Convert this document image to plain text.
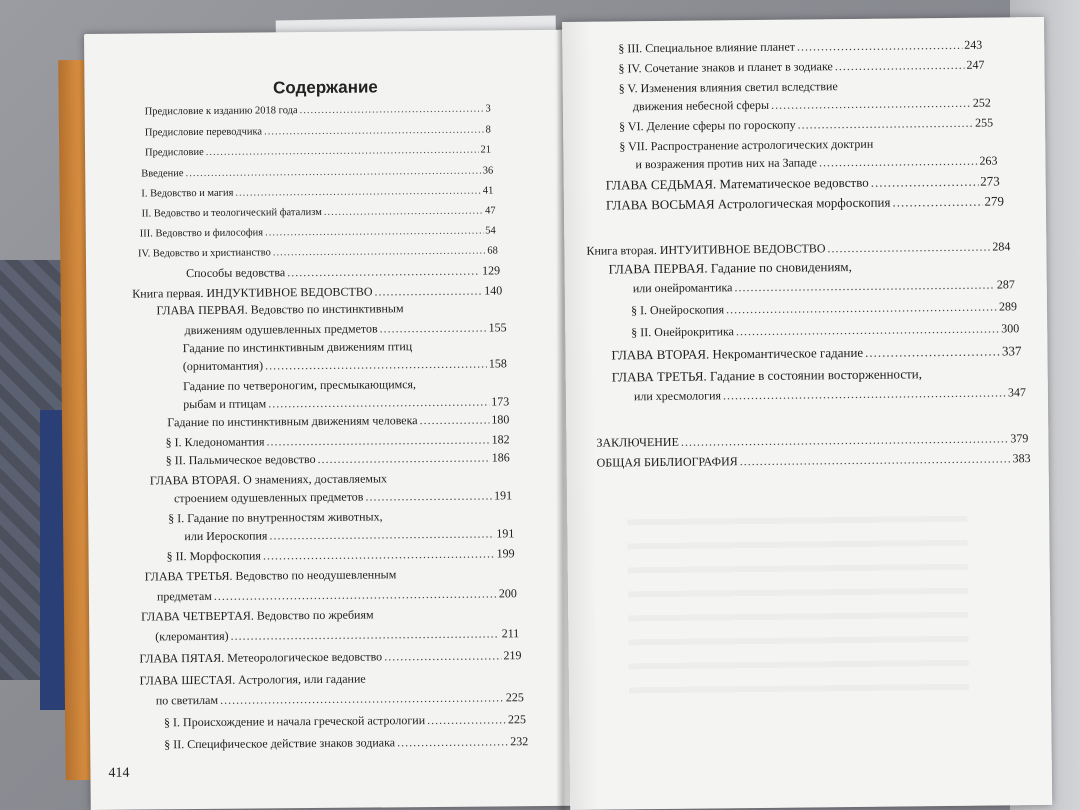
Содержание
Предисловие к изданию 2018 года .....	3
Предисловие переводчика .....	8
Предисловие .....	21
Введение .....	36
I. Ведовство и магия .....	41
II. Ведовство и теологический фатализм .....	47
III. Ведовство и философия .....	54
IV. Ведовство и христианство .....	68
Способы ведовства .....	129
Книга первая. ИНДУКТИВНОЕ ВЕДОВСТВО .....	140
ГЛАВА ПЕРВАЯ. Ведовство по инстинктивным
движениям одушевленных предметов .....	155
Гадание по инстинктивным движениям птиц
(орнитомантия) .....	158
Гадание по четвероногим, пресмыкающимся,
рыбам и птицам .....	173
Гадание по инстинктивным движениям человека .....	180
§ I. Кледономантия .....	182
§ II. Пальмическое ведовство .....	186
ГЛАВА ВТОРАЯ. О знамениях, доставляемых
строением одушевленных предметов .....	191
§ I. Гадание по внутренностям животных,
или Иероскопия .....	191
§ II. Морфоскопия .....	199
ГЛАВА ТРЕТЬЯ. Ведовство по неодушевленным
предметам .....	200
ГЛАВА ЧЕТВЕРТАЯ. Ведовство по жребиям
(клеромантия) .....	211
ГЛАВА ПЯТАЯ. Метеорологическое ведовство .....	219
ГЛАВА ШЕСТАЯ. Астрология, или гадание
по светилам .....	225
§ I. Происхождение и начала греческой астрологии .....	225
§ II. Специфическое действие знаков зодиака .....	232
414
§ III. Специальное влияние планет .....	243
§ IV. Сочетание знаков и планет в зодиаке .....	247
§ V. Изменения влияния светил вследствие
движения небесной сферы .....	252
§ VI. Деление сферы по гороскопу .....	255
§ VII. Распространение астрологических доктрин
и возражения против них на Западе .....	263
ГЛАВА СЕДЬМАЯ. Математическое ведовство .....	273
ГЛАВА ВОСЬМАЯ Астрологическая морфоскопия .....	279
Книга вторая. ИНТУИТИВНОЕ ВЕДОВСТВО .....	284
ГЛАВА ПЕРВАЯ. Гадание по сновидениям,
или онейромантика .....	287
§ I. Онейроскопия .....	289
§ II. Онейрокритика .....	300
ГЛАВА ВТОРАЯ. Некромантическое гадание .....	337
ГЛАВА ТРЕТЬЯ. Гадание в состоянии восторженности,
или хресмология .....	347
ЗАКЛЮЧЕНИЕ .....	379
ОБЩАЯ БИБЛИОГРАФИЯ .....	383
